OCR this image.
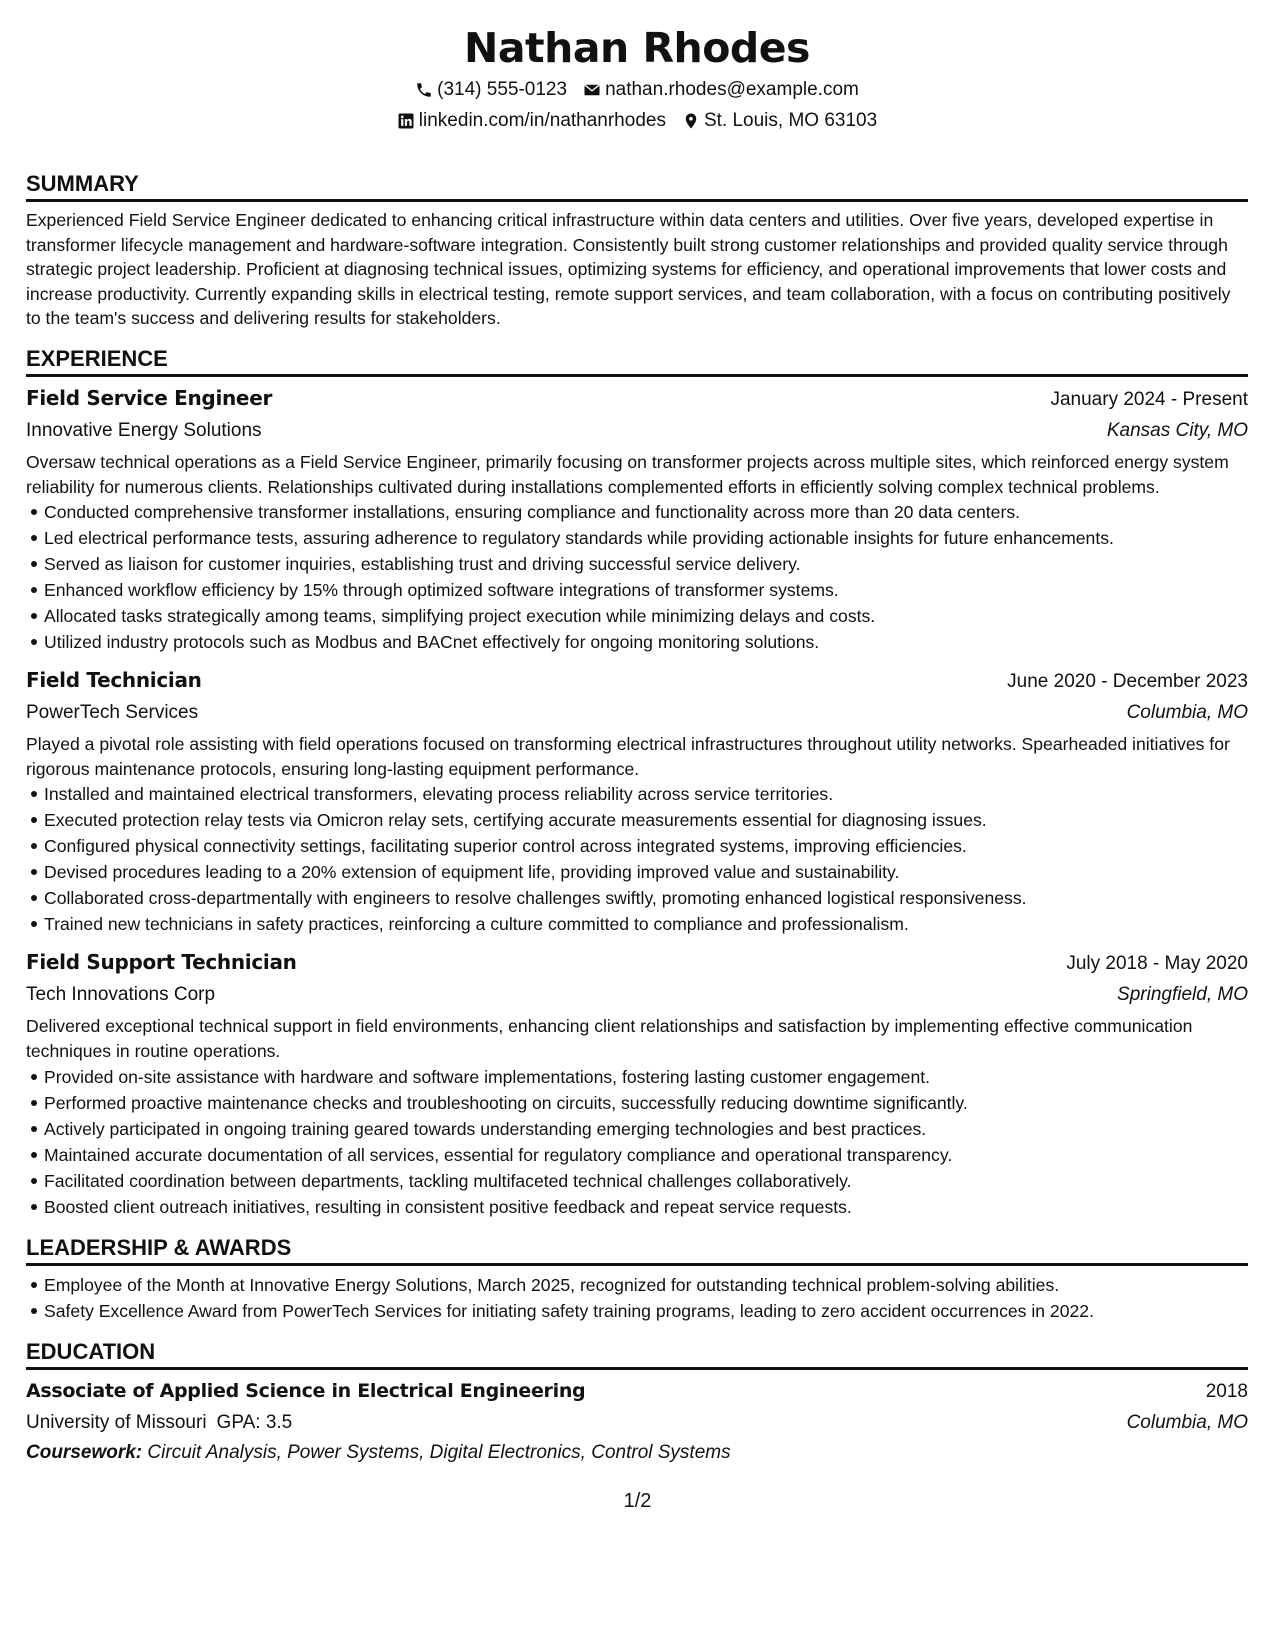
Nathan Rhodes
(314) 555-0123 nathan.rhodes@example.com
linkedin.com/in/nathanrhodes St. Louis, MO 63103
SUMMARY

Experienced Field Service Engineer dedicated to enhancing critical infrastructure within data centers and utilities. Over five years, developed expertise in transformer lifecycle management and hardware-software integration. Consistently built strong customer relationships and provided quality service through strategic project leadership. Proficient at diagnosing technical issues, optimizing systems for efficiency, and operational improvements that lower costs and increase productivity. Currently expanding skills in electrical testing, remote support services, and team collaboration, with a focus on contributing positively to the team's success and delivering results for stakeholders.

EXPERIENCE
Field Service Engineer	January 2024 - Present
Innovative Energy Solutions	Kansas City, MO

Oversaw technical operations as a Field Service Engineer, primarily focusing on transformer projects across multiple sites, which reinforced energy system reliability for numerous clients. Relationships cultivated during installations complemented efforts in efficiently solving complex technical problems.

Conducted comprehensive transformer installations, ensuring compliance and functionality across more than 20 data centers.
Led electrical performance tests, assuring adherence to regulatory standards while providing actionable insights for future enhancements.
Served as liaison for customer inquiries, establishing trust and driving successful service delivery.
Enhanced workflow efficiency by 15% through optimized software integrations of transformer systems.
Allocated tasks strategically among teams, simplifying project execution while minimizing delays and costs.
Utilized industry protocols such as Modbus and BACnet effectively for ongoing monitoring solutions.
Field Technician	June 2020 - December 2023
PowerTech Services	Columbia, MO

Played a pivotal role assisting with field operations focused on transforming electrical infrastructures throughout utility networks. Spearheaded initiatives for rigorous maintenance protocols, ensuring long-lasting equipment performance.

Installed and maintained electrical transformers, elevating process reliability across service territories.
Executed protection relay tests via Omicron relay sets, certifying accurate measurements essential for diagnosing issues.
Configured physical connectivity settings, facilitating superior control across integrated systems, improving efficiencies.
Devised procedures leading to a 20% extension of equipment life, providing improved value and sustainability.
Collaborated cross-departmentally with engineers to resolve challenges swiftly, promoting enhanced logistical responsiveness.
Trained new technicians in safety practices, reinforcing a culture committed to compliance and professionalism.
Field Support Technician	July 2018 - May 2020
Tech Innovations Corp	Springfield, MO

Delivered exceptional technical support in field environments, enhancing client relationships and satisfaction by implementing effective communication techniques in routine operations.

Provided on-site assistance with hardware and software implementations, fostering lasting customer engagement.
Performed proactive maintenance checks and troubleshooting on circuits, successfully reducing downtime significantly.
Actively participated in ongoing training geared towards understanding emerging technologies and best practices.
Maintained accurate documentation of all services, essential for regulatory compliance and operational transparency.
Facilitated coordination between departments, tackling multifaceted technical challenges collaboratively.
Boosted client outreach initiatives, resulting in consistent positive feedback and repeat service requests.
LEADERSHIP & AWARDS
Employee of the Month at Innovative Energy Solutions, March 2025, recognized for outstanding technical problem-solving abilities.
Safety Excellence Award from PowerTech Services for initiating safety training programs, leading to zero accident occurrences in 2022.
EDUCATION
Associate of Applied Science in Electrical Engineering	2018
University of Missouri GPA: 3.5	Columbia, MO
Coursework: Circuit Analysis, Power Systems, Digital Electronics, Control Systems
1/2
